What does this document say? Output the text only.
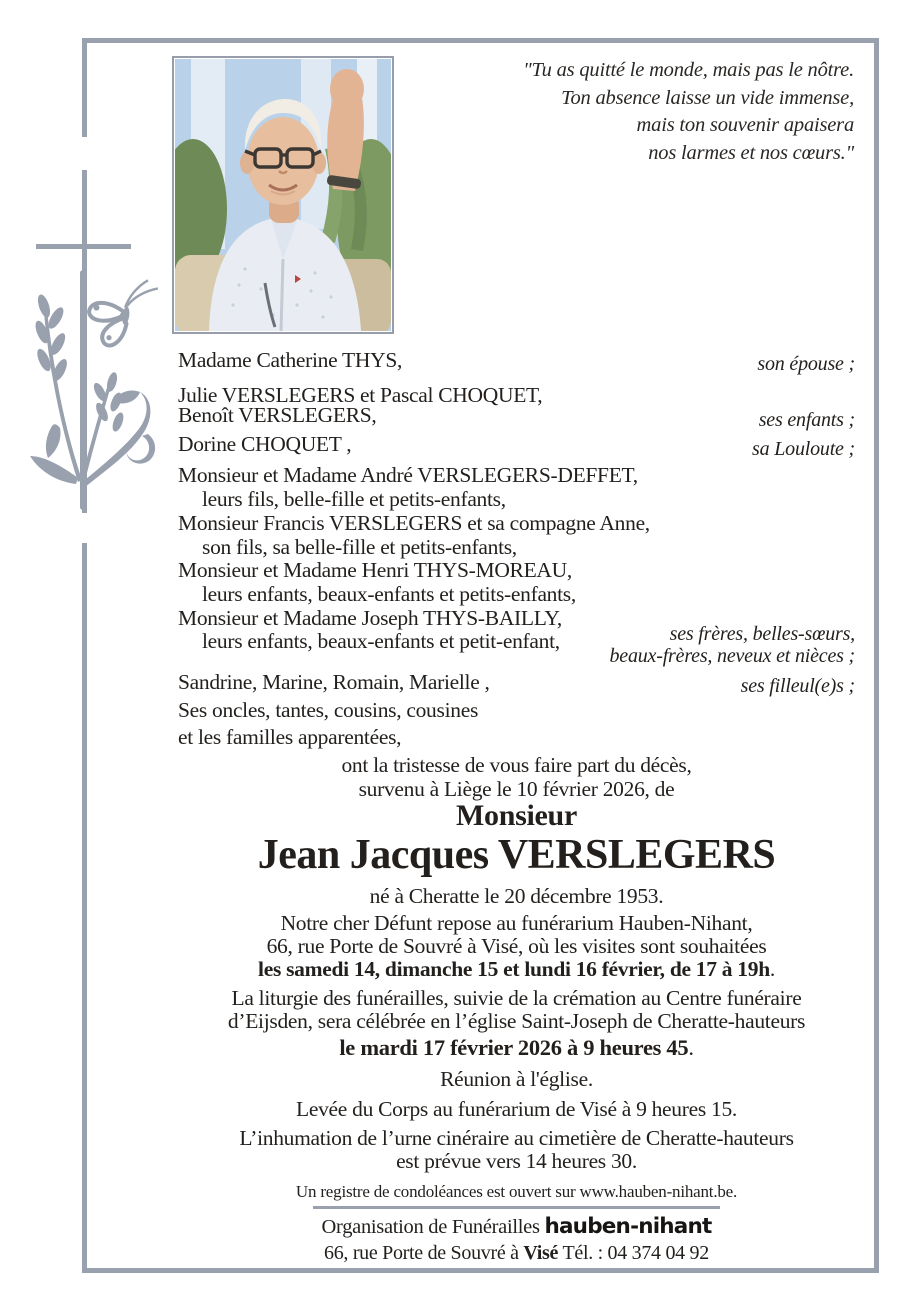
"Tu as quitté le monde, mais pas le nôtre.
Ton absence laisse un vide immense,
mais ton souvenir apaisera
nos larmes et nos cœurs."
Madame Catherine THYS,
Julie VERSLEGERS et Pascal CHOQUET,
Benoît VERSLEGERS,
Dorine CHOQUET ,
Monsieur et Madame André VERSLEGERS-DEFFET,
leurs fils, belle-fille et petits-enfants,
Monsieur Francis VERSLEGERS et sa compagne Anne,
son fils, sa belle-fille et petits-enfants,
Monsieur et Madame Henri THYS-MOREAU,
leurs enfants, beaux-enfants et petits-enfants,
Monsieur et Madame Joseph THYS-BAILLY,
leurs enfants, beaux-enfants et petit-enfant,
Sandrine, Marine, Romain, Marielle ,
Ses oncles, tantes, cousins, cousines
et les familles apparentées,
son épouse ;
ses enfants ;
sa Louloute ;
ses frères, belles-sœurs,
beaux-frères, neveux et nièces ;
ses filleul(e)s ;
ont la tristesse de vous faire part du décès,
survenu à Liège le 10 février 2026, de
Monsieur
Jean Jacques VERSLEGERS
né à Cheratte le 20 décembre 1953.
Notre cher Défunt repose au funérarium Hauben-Nihant,
66, rue Porte de Souvré à Visé, où les visites sont souhaitées
les samedi 14, dimanche 15 et lundi 16 février, de 17 à 19h.
La liturgie des funérailles, suivie de la crémation au Centre funéraire
d’Eijsden, sera célébrée en l’église Saint-Joseph de Cheratte-hauteurs
le mardi 17 février 2026 à 9 heures 45.
Réunion à l'église.
Levée du Corps au funérarium de Visé à 9 heures 15.
L’inhumation de l’urne cinéraire au cimetière de Cheratte-hauteurs
est prévue vers 14 heures 30.
Un registre de condoléances est ouvert sur www.hauben-nihant.be.
Organisation de Funérailles hauben-nihant
66, rue Porte de Souvré à Visé Tél. : 04 374 04 92
